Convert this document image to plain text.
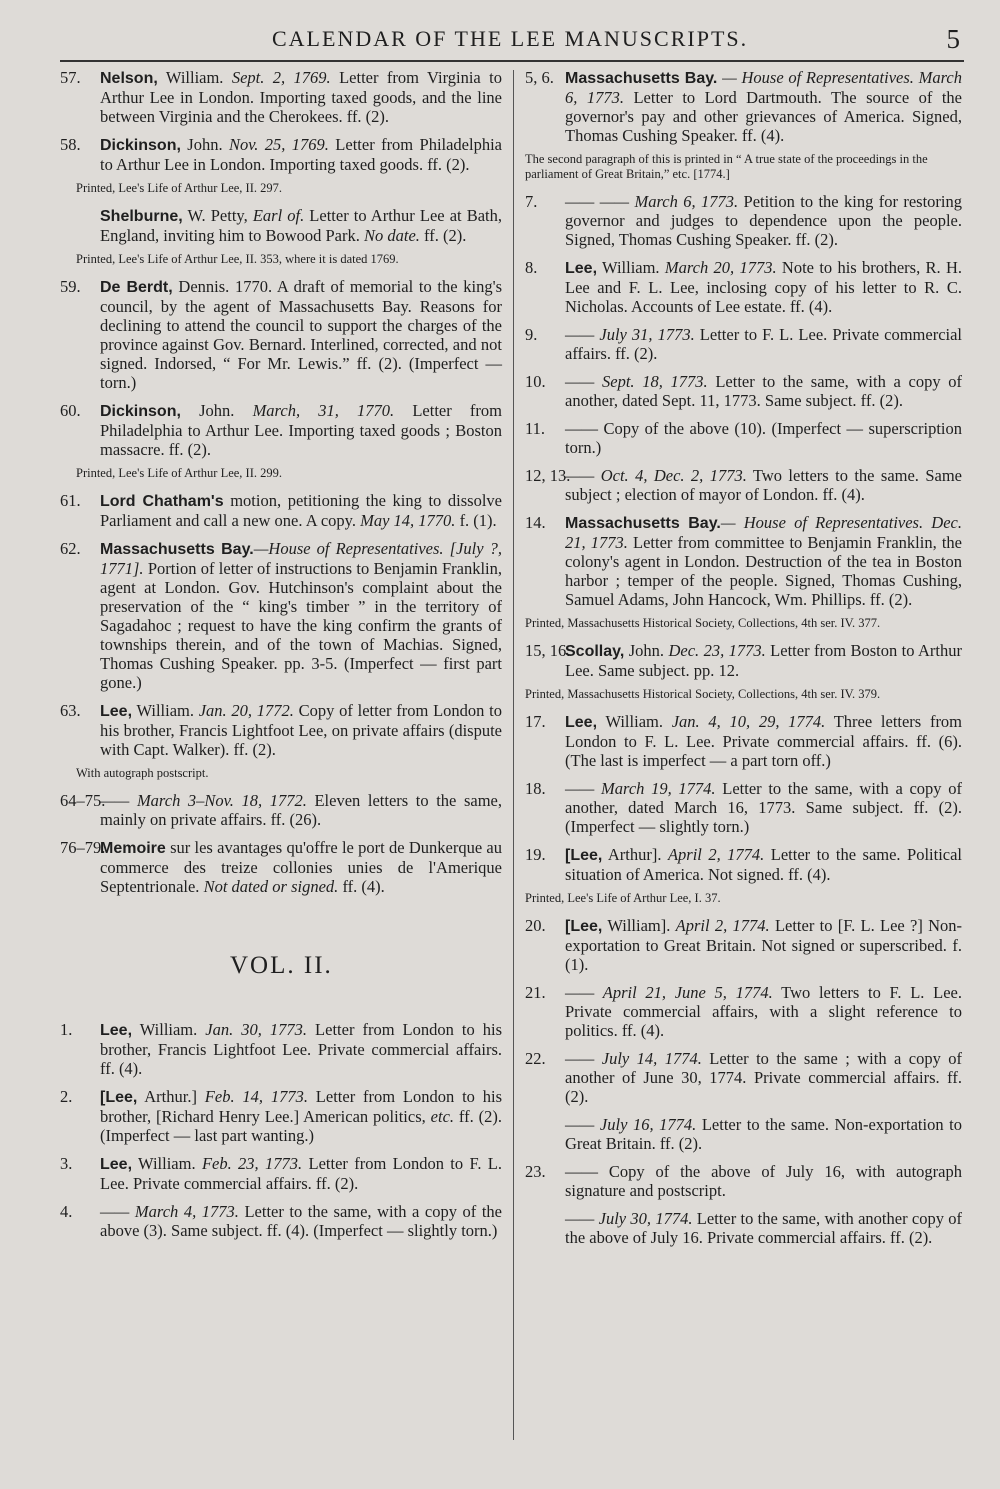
CALENDAR OF THE LEE MANUSCRIPTS.	5
57. Nelson, William. Sept. 2, 1769. Letter from Virginia to Arthur Lee in London. Importing taxed goods, and the line between Virginia and the Cherokees. ff. (2).
58. Dickinson, John. Nov. 25, 1769. Letter from Philadelphia to Arthur Lee in London. Importing taxed goods. ff. (2).
Printed, Lee's Life of Arthur Lee, II. 297.
Shelburne, W. Petty, Earl of. Letter to Arthur Lee at Bath, England, inviting him to Bowood Park. No date. ff. (2).
Printed, Lee's Life of Arthur Lee, II. 353, where it is dated 1769.
59. De Berdt, Dennis. 1770. A draft of memorial to the king's council, by the agent of Massachusetts Bay. Reasons for declining to attend the council to support the charges of the province against Gov. Bernard. Interlined, corrected, and not signed. Indorsed, “ For Mr. Lewis.” ff. (2). (Imperfect — torn.)
60. Dickinson, John. March, 31, 1770. Letter from Philadelphia to Arthur Lee. Importing taxed goods ; Boston massacre. ff. (2).
Printed, Lee's Life of Arthur Lee, II. 299.
61. Lord Chatham's motion, petitioning the king to dissolve Parliament and call a new one. A copy. May 14, 1770. f. (1).
62. Massachusetts Bay.—House of Representatives. [July ?, 1771]. Portion of letter of instructions to Benjamin Franklin, agent at London. Gov. Hutchinson's complaint about the preservation of the “ king's timber ” in the territory of Sagadahoc ; request to have the king confirm the grants of townships therein, and of the town of Machias. Signed, Thomas Cushing Speaker. pp. 3-5. (Imperfect — first part gone.)
63. Lee, William. Jan. 20, 1772. Copy of letter from London to his brother, Francis Lightfoot Lee, on private affairs (dispute with Capt. Walker). ff. (2).
With autograph postscript.
64–75.
—— March 3–Nov. 18, 1772. Eleven letters to the same, mainly on private affairs. ff. (26).
76–79.
Memoire sur les avantages qu'offre le port de Dunkerque au commerce des treize collonies unies de l'Amerique Septentrionale. Not dated or signed. ff. (4).
VOL. II.
1. Lee, William. Jan. 30, 1773. Letter from London to his brother, Francis Lightfoot Lee. Private commercial affairs. ff. (4).
2. [Lee, Arthur.] Feb. 14, 1773. Letter from London to his brother, [Richard Henry Lee.] American politics, etc. ff. (2). (Imperfect — last part wanting.)
3. Lee, William. Feb. 23, 1773. Letter from London to F. L. Lee. Private commercial affairs. ff. (2).
4. —— March 4, 1773. Letter to the same, with a copy of the above (3). Same subject. ff. (4). (Imperfect — slightly torn.)
5, 6. Massachusetts Bay. — House of Representatives. March 6, 1773. Letter to Lord Dartmouth. The source of the governor's pay and other grievances of America. Signed, Thomas Cushing Speaker. ff. (4).
The second paragraph of this is printed in “ A true state of the proceedings in the parliament of Great Britain,” etc. [1774.]
7. —— —— March 6, 1773. Petition to the king for restoring governor and judges to dependence upon the people. Signed, Thomas Cushing Speaker. ff. (2).
8. Lee, William. March 20, 1773. Note to his brothers, R. H. Lee and F. L. Lee, inclosing copy of his letter to R. C. Nicholas. Accounts of Lee estate. ff. (4).
9. —— July 31, 1773. Letter to F. L. Lee. Private commercial affairs. ff. (2).
10. —— Sept. 18, 1773. Letter to the same, with a copy of another, dated Sept. 11, 1773. Same subject. ff. (2).
11. —— Copy of the above (10). (Imperfect — superscription torn.)
12, 13.
—— Oct. 4, Dec. 2, 1773. Two letters to the same. Same subject ; election of mayor of London. ff. (4).
14. Massachusetts Bay.— House of Representatives. Dec. 21, 1773. Letter from committee to Benjamin Franklin, the colony's agent in London. Destruction of the tea in Boston harbor ; temper of the people. Signed, Thomas Cushing, Samuel Adams, John Hancock, Wm. Phillips. ff. (2).
Printed, Massachusetts Historical Society, Collections, 4th ser. IV. 377.
15, 16.
Scollay, John. Dec. 23, 1773. Letter from Boston to Arthur Lee. Same subject. pp. 12.
Printed, Massachusetts Historical Society, Collections, 4th ser. IV. 379.
17. Lee, William. Jan. 4, 10, 29, 1774. Three letters from London to F. L. Lee. Private commercial affairs. ff. (6). (The last is imperfect — a part torn off.)
18. —— March 19, 1774. Letter to the same, with a copy of another, dated March 16, 1773. Same subject. ff. (2). (Imperfect — slightly torn.)
19. [Lee, Arthur]. April 2, 1774. Letter to the same. Political situation of America. Not signed. ff. (4).
Printed, Lee's Life of Arthur Lee, I. 37.
20. [Lee, William]. April 2, 1774. Letter to [F. L. Lee ?] Non-exportation to Great Britain. Not signed or superscribed. f. (1).
21. —— April 21, June 5, 1774. Two letters to F. L. Lee. Private commercial affairs, with a slight reference to politics. ff. (4).
22. —— July 14, 1774. Letter to the same ; with a copy of another of June 30, 1774. Private commercial affairs. ff. (2).
—— July 16, 1774. Letter to the same. Non-exportation to Great Britain. ff. (2).
23. —— Copy of the above of July 16, with autograph signature and postscript.
—— July 30, 1774. Letter to the same, with another copy of the above of July 16. Private commercial affairs. ff. (2).
